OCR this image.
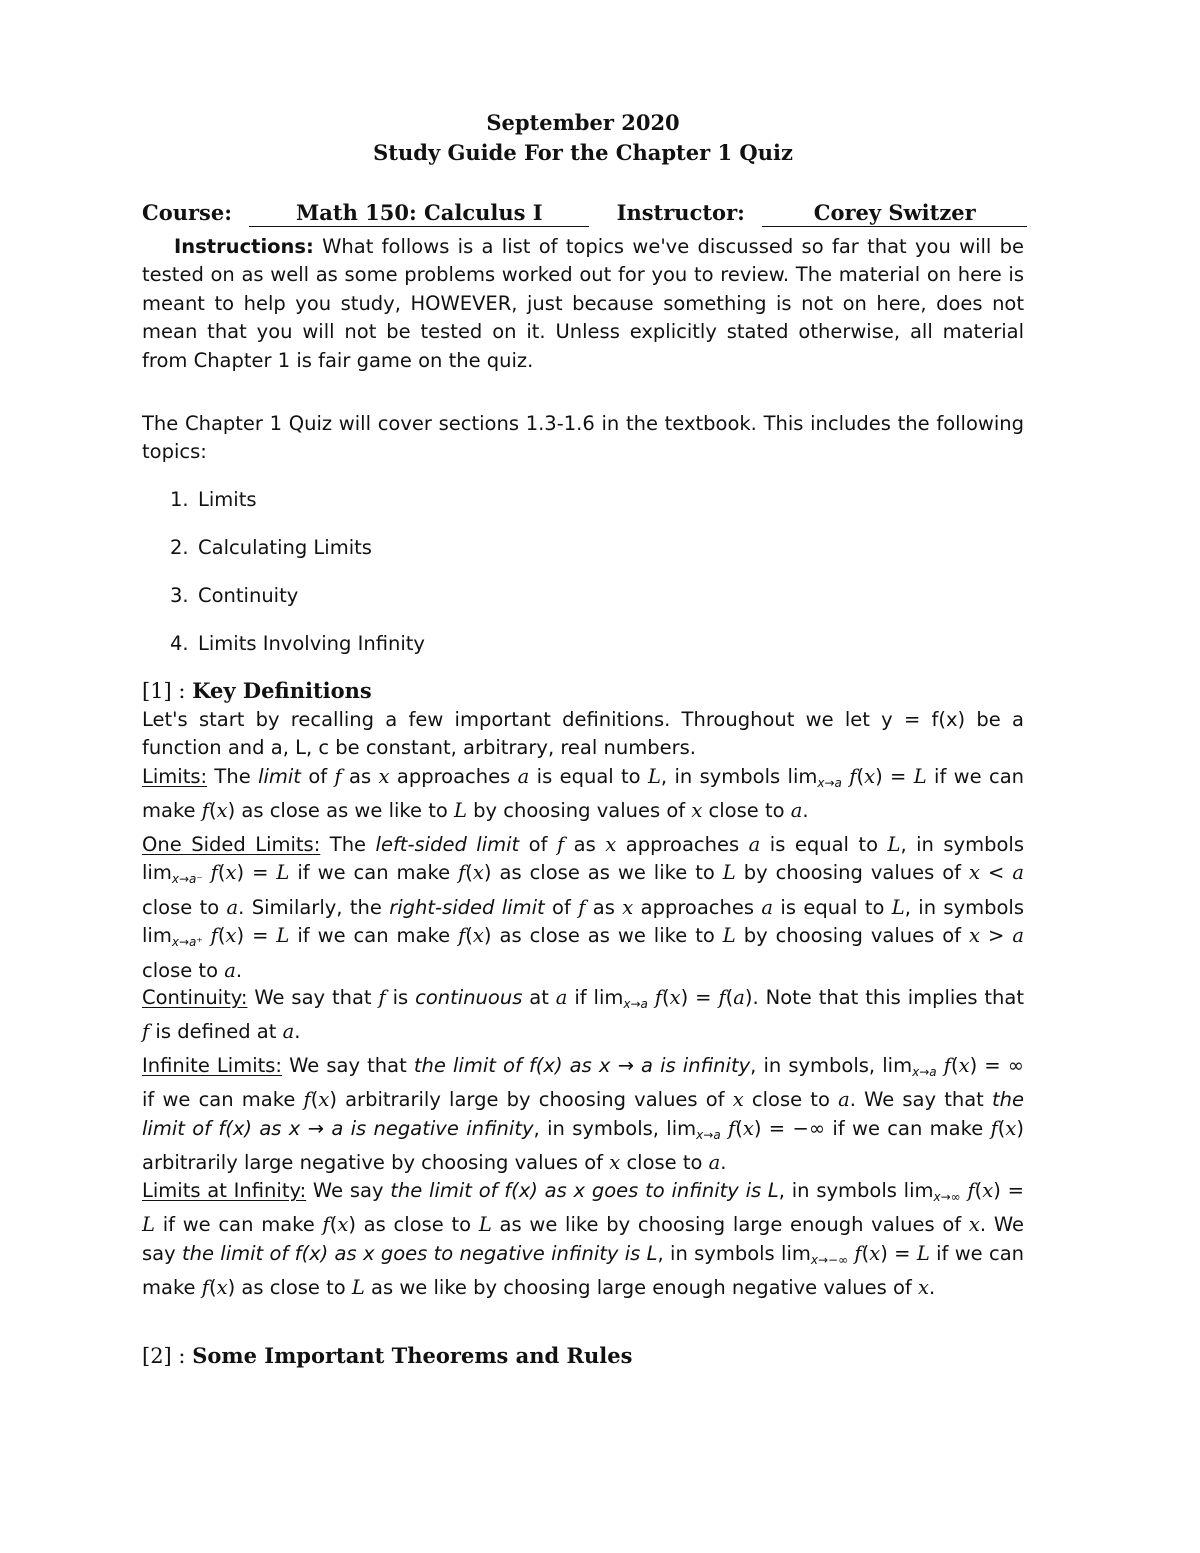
September 2020
Study Guide For the Chapter 1 Quiz
Course:	Math 150: Calculus I	Instructor:	Corey Switzer
Instructions: What follows is a list of topics we've discussed so far that you will be tested on as well as some problems worked out for you to review. The material on here is meant to help you study, HOWEVER, just because something is not on here, does not mean that you will not be tested on it. Unless explicitly stated otherwise, all material from Chapter 1 is fair game on the quiz.
The Chapter 1 Quiz will cover sections 1.3-1.6 in the textbook. This includes the following topics:
1. Limits
2. Calculating Limits
3. Continuity
4. Limits Involving Infinity
[1] : Key Definitions
Let's start by recalling a few important definitions. Throughout we let y = f(x) be a function and a, L, c be constant, arbitrary, real numbers.
Limits: The limit of f as x approaches a is equal to L, in symbols $\lim_{x\to a} f(x) = L$ if we can make f(x) as close as we like to L by choosing values of x close to a.
One Sided Limits: The left-sided limit of f as x approaches a is equal to L, in symbols $\lim_{x\to a^-} f(x) = L$ if we can make f(x) as close as we like to L by choosing values of x < a close to a. Similarly, the right-sided limit of f as x approaches a is equal to L, in symbols $\lim_{x\to a^+} f(x) = L$ if we can make f(x) as close as we like to L by choosing values of x > a close to a.
Continuity: We say that f is continuous at a if $\lim_{x\to a} f(x) = f(a)$. Note that this implies that f is defined at a.
Infinite Limits: We say that the limit of f(x) as x → a is infinity, in symbols, $\lim_{x\to a} f(x)$ = ∞ if we can make f(x) arbitrarily large by choosing values of x close to a. We say that the limit of f(x) as x → a is negative infinity, in symbols, $\lim_{x\to a} f(x)$ = −∞ if we can make f(x) arbitrarily large negative by choosing values of x close to a.
Limits at Infinity: We say the limit of f(x) as x goes to infinity is L, in symbols $\lim_{x\to\infty} f(x) = L$ if we can make f(x) as close to L as we like by choosing large enough values of x. We say the limit of f(x) as x goes to negative infinity is L, in symbols $\lim_{x\to-\infty} f(x) = L$ if we can make f(x) as close to L as we like by choosing large enough negative values of x.
[2] : Some Important Theorems and Rules
